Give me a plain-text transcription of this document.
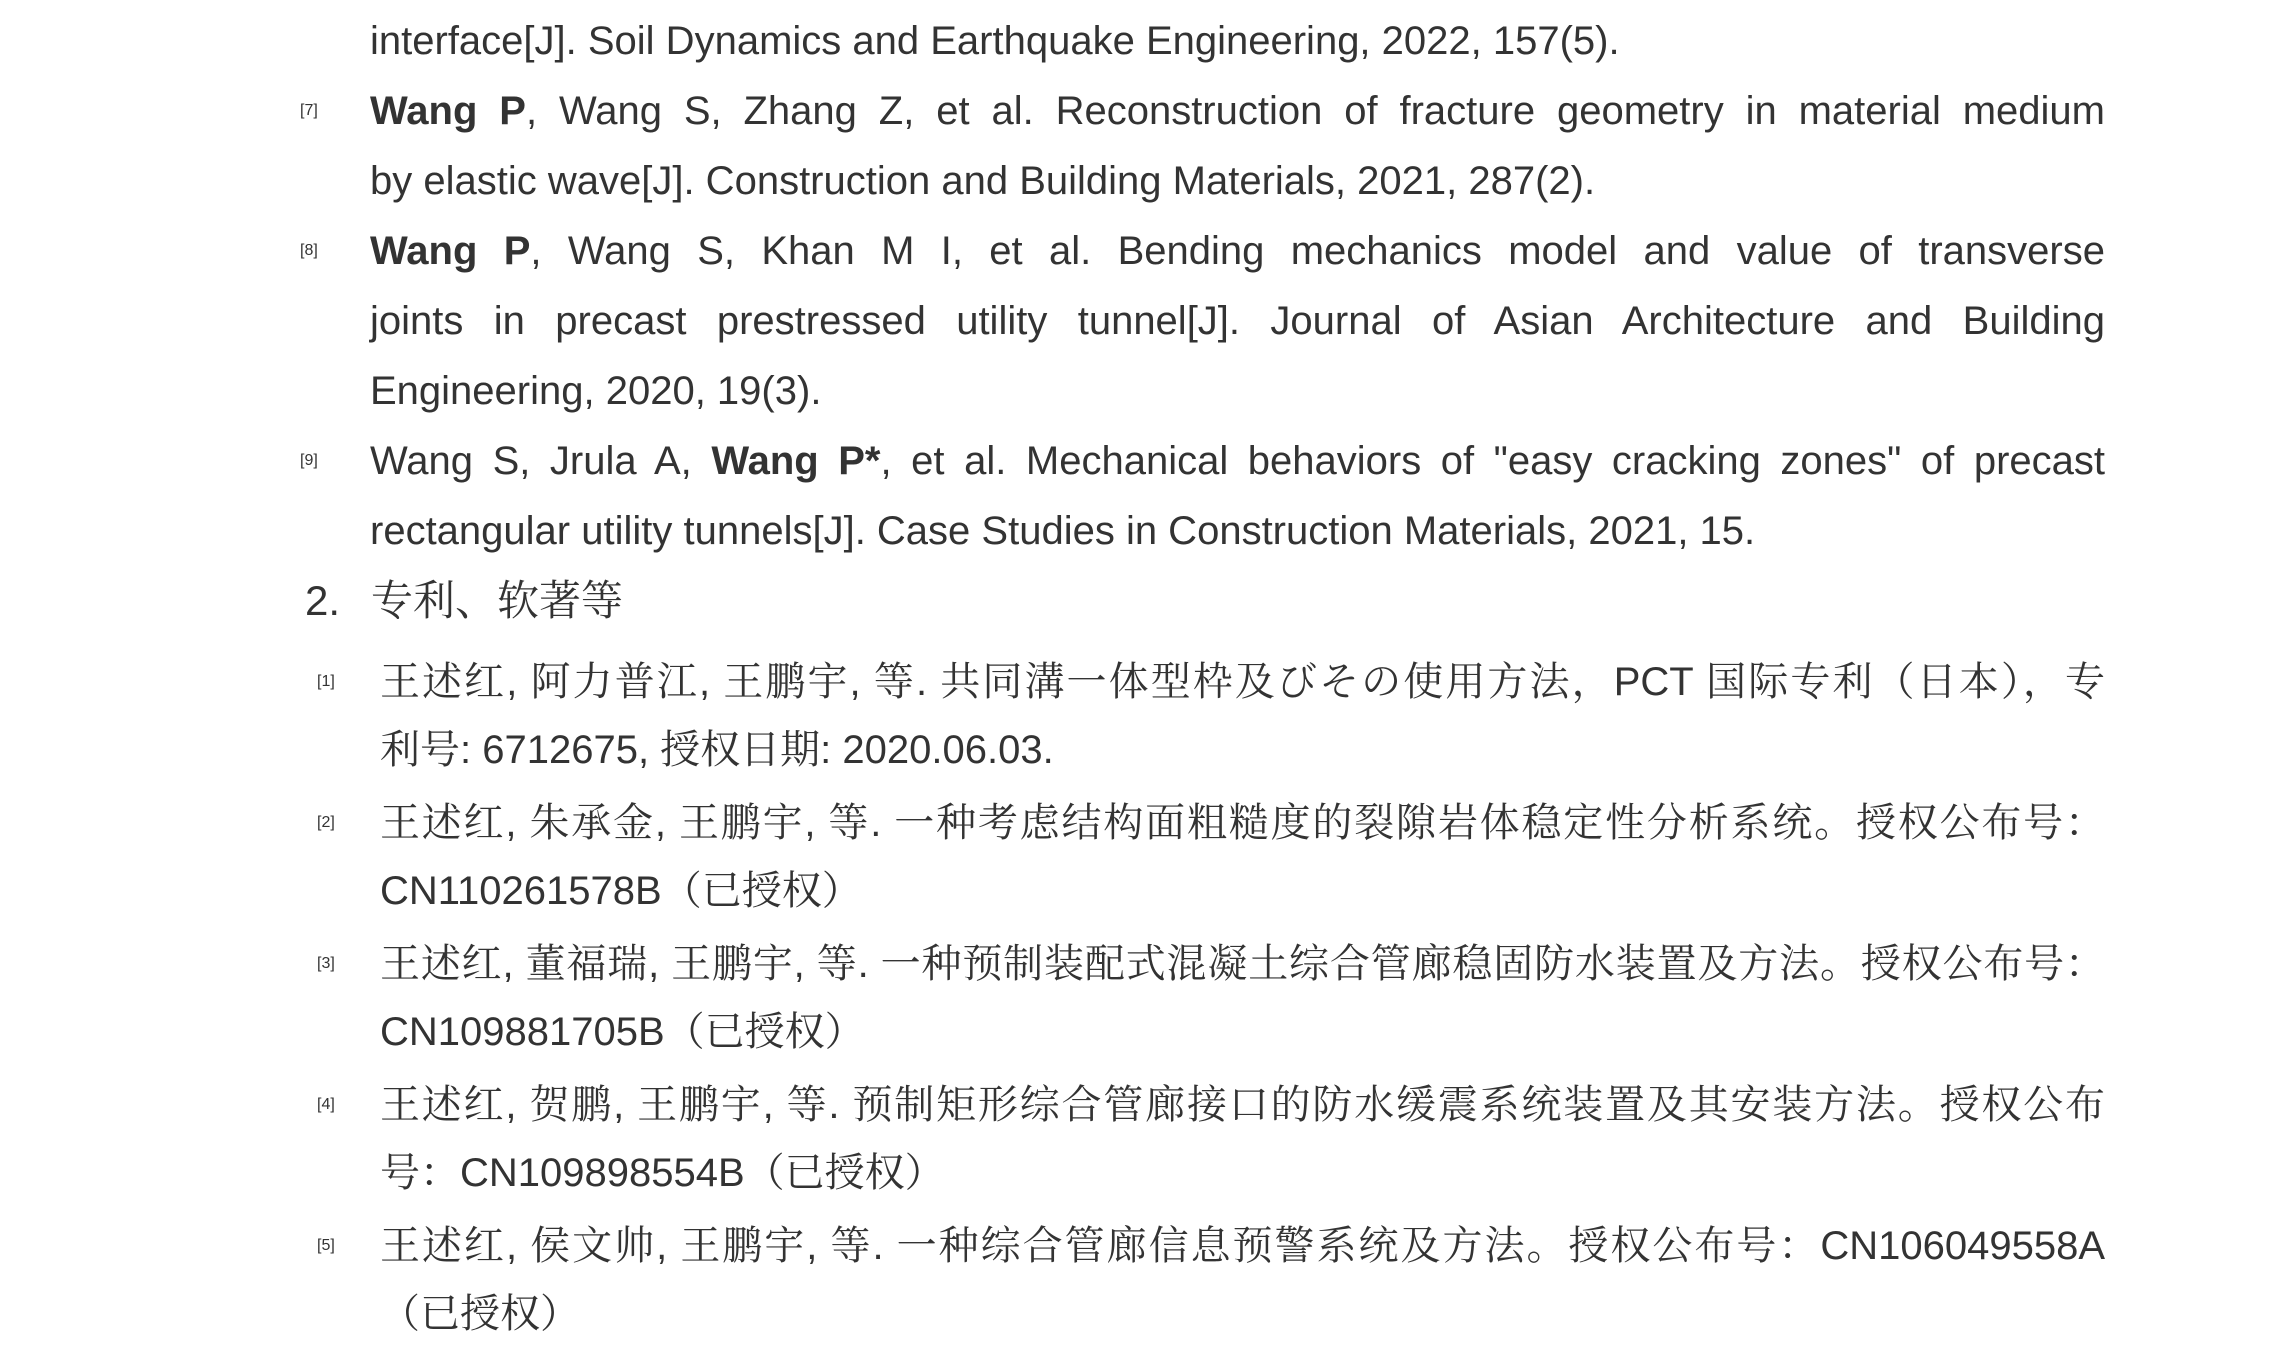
interface[J]. Soil Dynamics and Earthquake Engineering, 2022, 157(5).
[7] Wang P, Wang S, Zhang Z, et al. Reconstruction of fracture geometry in material medium
by elastic wave[J]. Construction and Building Materials, 2021, 287(2).
[8] Wang P, Wang S, Khan M I, et al. Bending mechanics model and value of transverse
joints in precast prestressed utility tunnel[J]. Journal of Asian Architecture and Building
Engineering, 2020, 19(3).
[9] Wang S, Jrula A, Wang P*, et al. Mechanical behaviors of "easy cracking zones" of precast
rectangular utility tunnels[J]. Case Studies in Construction Materials, 2021, 15.
2. 专利、软著等
[1] 王述红, 阿力普江, 王鹏宇, 等. 共同溝一体型枠及びその使用方法，PCT 国际专利（日本），专
利号: 6712675, 授权日期: 2020.06.03.
[2] 王述红, 朱承金, 王鹏宇, 等. 一种考虑结构面粗糙度的裂隙岩体稳定性分析系统。授权公布号：
CN110261578B（已授权）
[3] 王述红, 董福瑞, 王鹏宇, 等. 一种预制装配式混凝土综合管廊稳固防水装置及方法。授权公布号：
CN109881705B（已授权）
[4] 王述红, 贺鹏, 王鹏宇, 等. 预制矩形综合管廊接口的防水缓震系统装置及其安装方法。授权公布
号：CN109898554B（已授权）
[5] 王述红, 侯文帅, 王鹏宇, 等. 一种综合管廊信息预警系统及方法。授权公布号：CN106049558A
（已授权）
